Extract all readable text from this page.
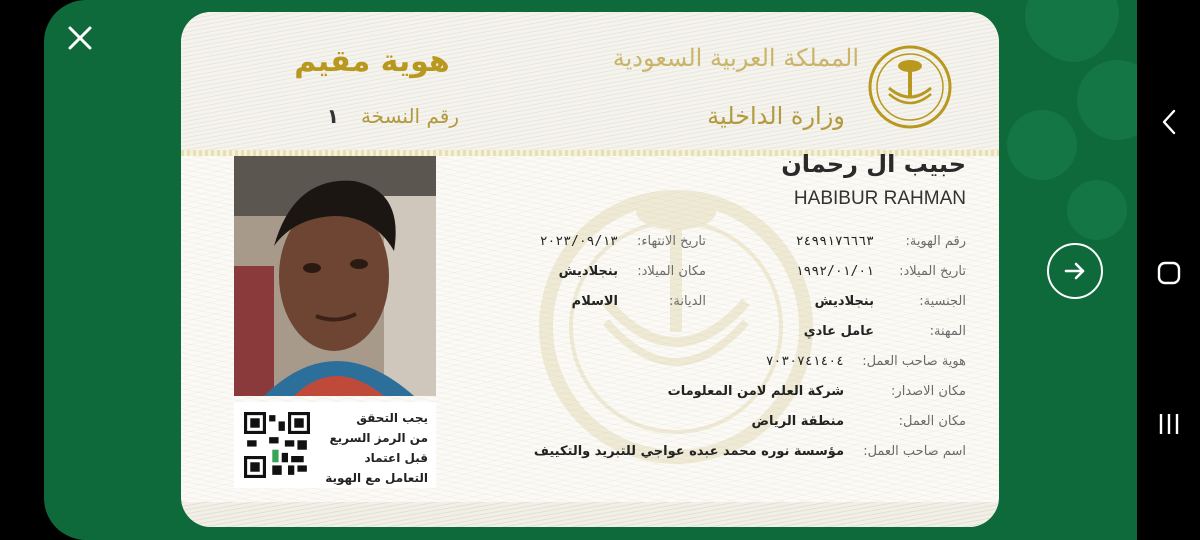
المملكة العربية السعودية
وزارة الداخلية
هوية مقيم
رقم النسخة
١
يجب التحقق
من الرمز السريع
قبل اعتماد
التعامل مع الهوية
حبيب ال رحمان
HABIBUR RAHMAN
رقم الهوية:
٢٤٩٩١٧٦٦٦٣
تاريخ الميلاد:
١٩٩٢/٠١/٠١
الجنسية:
بنجلاديش
المهنة:
عامل عادي
تاريخ الانتهاء:
٢٠٢٣/٠٩/١٣
مكان الميلاد:
بنجلاديش
الديانة:
الاسلام
هوية صاحب العمل:
٧٠٣٠٧٤١٤٠٤
مكان الاصدار:
شركة العلم لامن المعلومات
مكان العمل:
منطقة الرياض
اسم صاحب العمل:
مؤسسة نوره محمد عبده عواجي للتبريد والتكييف
